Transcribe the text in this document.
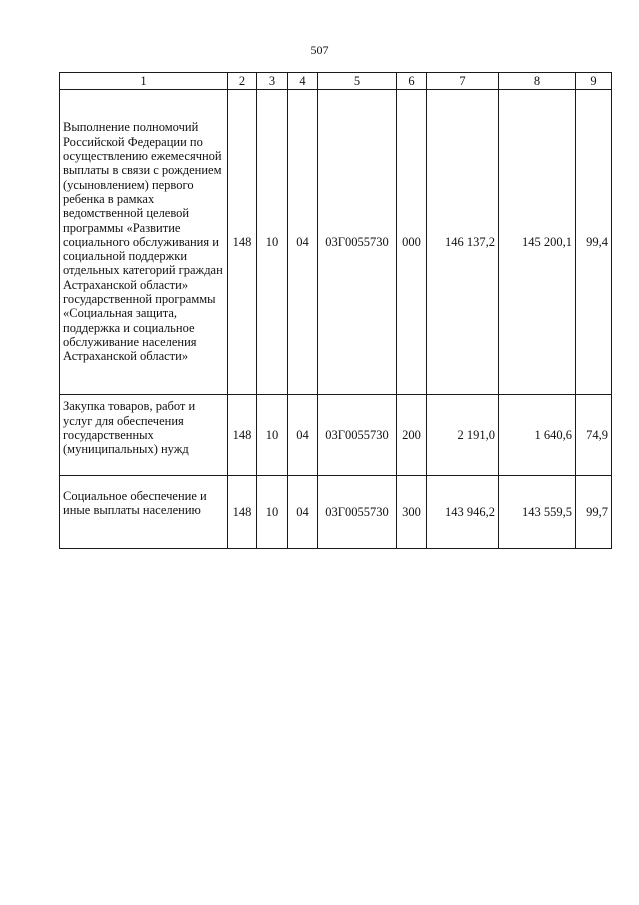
507
1	2	3	4	5	6	7	8	9

Выполнение полномочий Российской Федерации по осуществлению ежемесячной выплаты в связи с рождением (усыновлением) первого ребенка в рамках ведомственной целевой программы «Развитие социального обслуживания и социальной поддержки отдельных категорий граждан Астраханской области» государственной программы «Социальная защита, поддержка и социальное обслуживание населения Астраханской области»	148	10	04	03Г0055730	000	146 137,2	145 200,1	99,4

Закупка товаров, работ и услуг для обеспечения государственных (муниципальных) нужд	148	10	04	03Г0055730	200	2 191,0	1 640,6	74,9

Социальное обеспечение и иные выплаты населению	148	10	04	03Г0055730	300	143 946,2	143 559,5	99,7
